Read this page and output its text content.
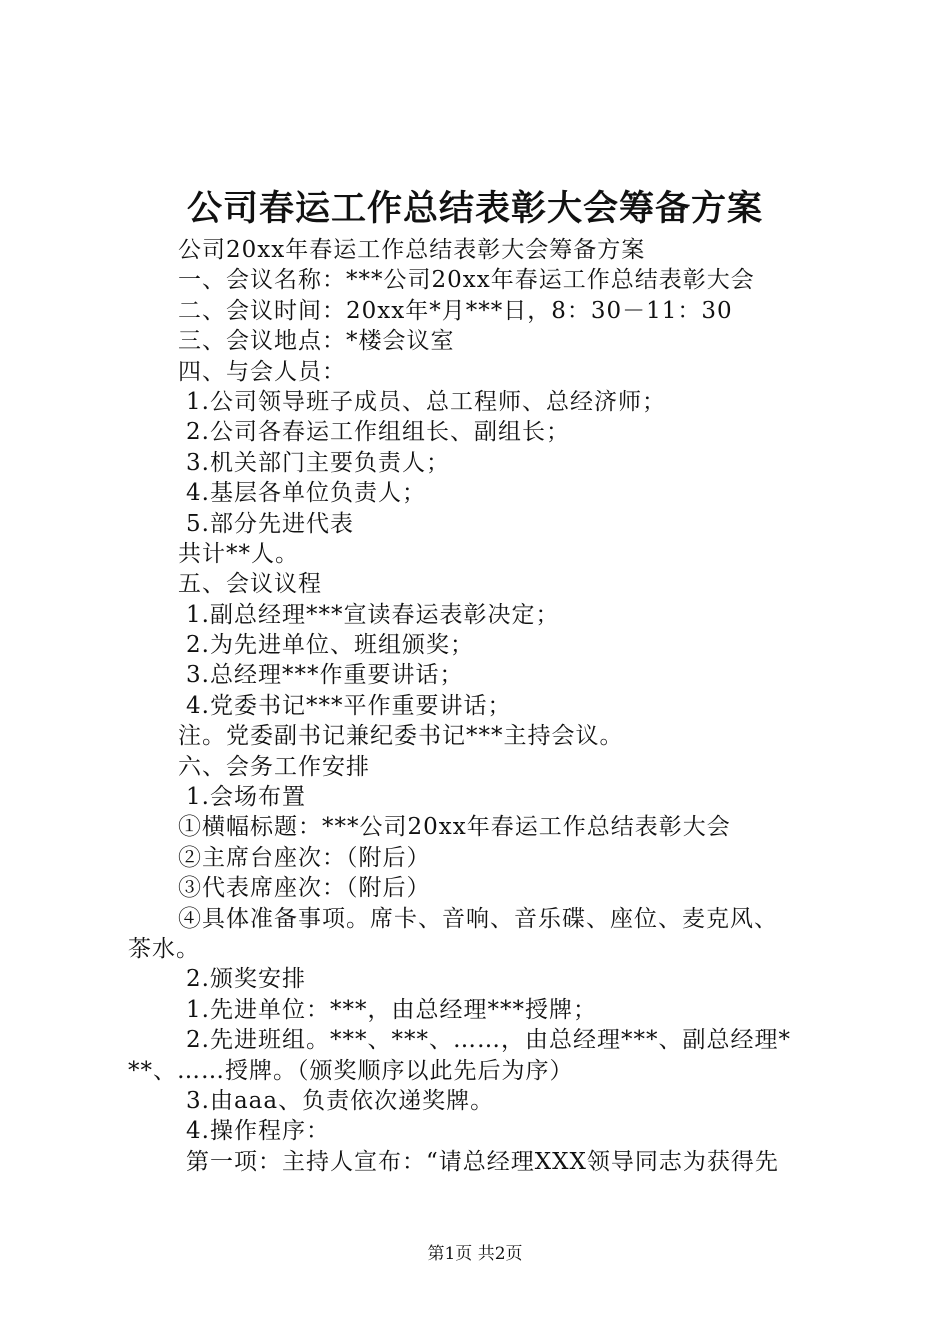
公司春运工作总结表彰大会筹备方案
公司20xx年春运工作总结表彰大会筹备方案
一、会议名称：***公司20xx年春运工作总结表彰大会
二、会议时间：20xx年*月***日，8：30－11：30
三、会议地点：*楼会议室
四、与会人员：
1.公司领导班子成员、总工程师、总经济师；
2.公司各春运工作组组长、副组长；
3.机关部门主要负责人；
4.基层各单位负责人；
5.部分先进代表
共计**人。
五、会议议程
1.副总经理***宣读春运表彰决定；
2.为先进单位、班组颁奖；
3.总经理***作重要讲话；
4.党委书记***平作重要讲话；
注。党委副书记兼纪委书记***主持会议。
六、会务工作安排
1.会场布置
①横幅标题：***公司20xx年春运工作总结表彰大会
②主席台座次：（附后）
③代表席座次：（附后）
④具体准备事项。席卡、音响、音乐碟、座位、麦克风、
茶水。
2.颁奖安排
1.先进单位：***，由总经理***授牌；
2.先进班组。***、***、……，由总经理***、副总经理*
**、……授牌。（颁奖顺序以此先后为序）
3.由aaa、负责依次递奖牌。
4.操作程序：
第一项：主持人宣布：“请总经理XXX领导同志为获得先
第1页 共2页
